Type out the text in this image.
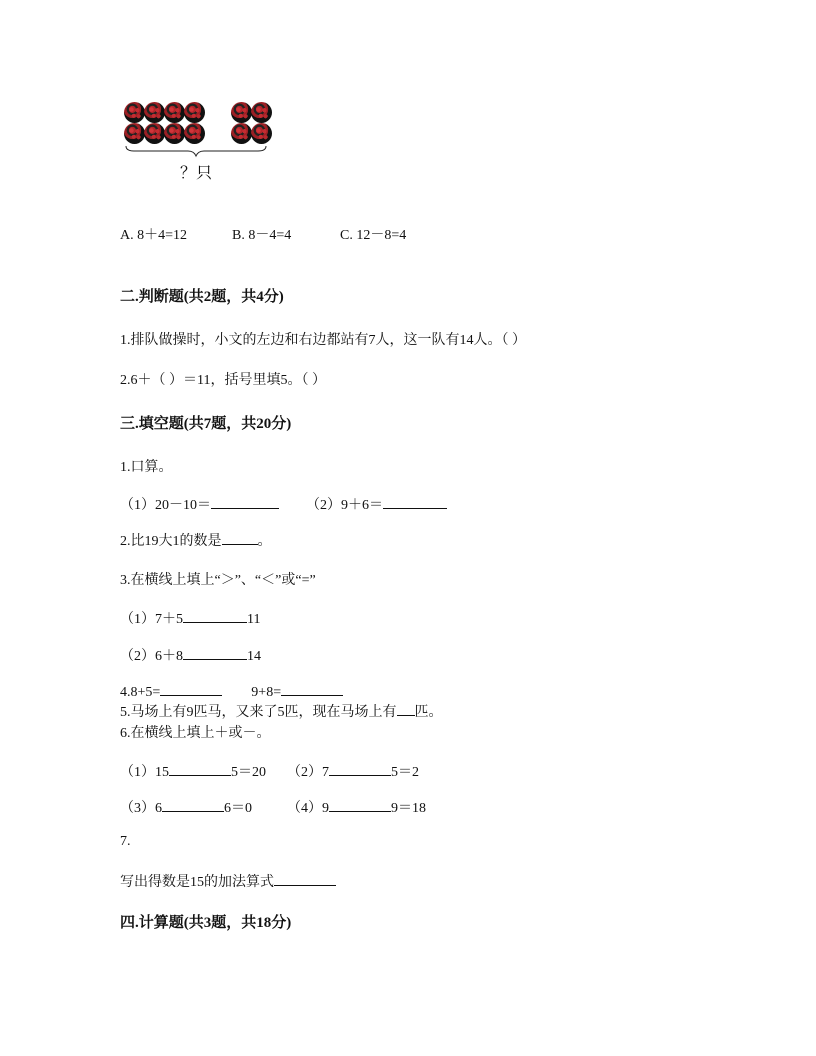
？只
A. 8＋4=12	B. 8－4=4	C. 12－8=4
二.判断题(共2题，共4分)
1.排队做操时，小文的左边和右边都站有7人，这一队有14人。（ ）
2.6＋（ ）＝11，括号里填5。（ ）
三.填空题(共7题，共20分)
1.口算。
（1）20－10＝	（2）9＋6＝
2.比19大1的数是	。
3.在横线上填上“＞”、“＜”或“=”
（1）7＋5	11
（2）6＋8	14
4.8+5=	9+8=
5.马场上有9匹马，又来了5匹，现在马场上有 匹。
6.在横线上填上＋或－。
（1）15	5＝20 （2）7	5＝2
（3）6	6＝0	（4）9	9＝18
7.
写出得数是15的加法算式
四.计算题(共3题，共18分)
